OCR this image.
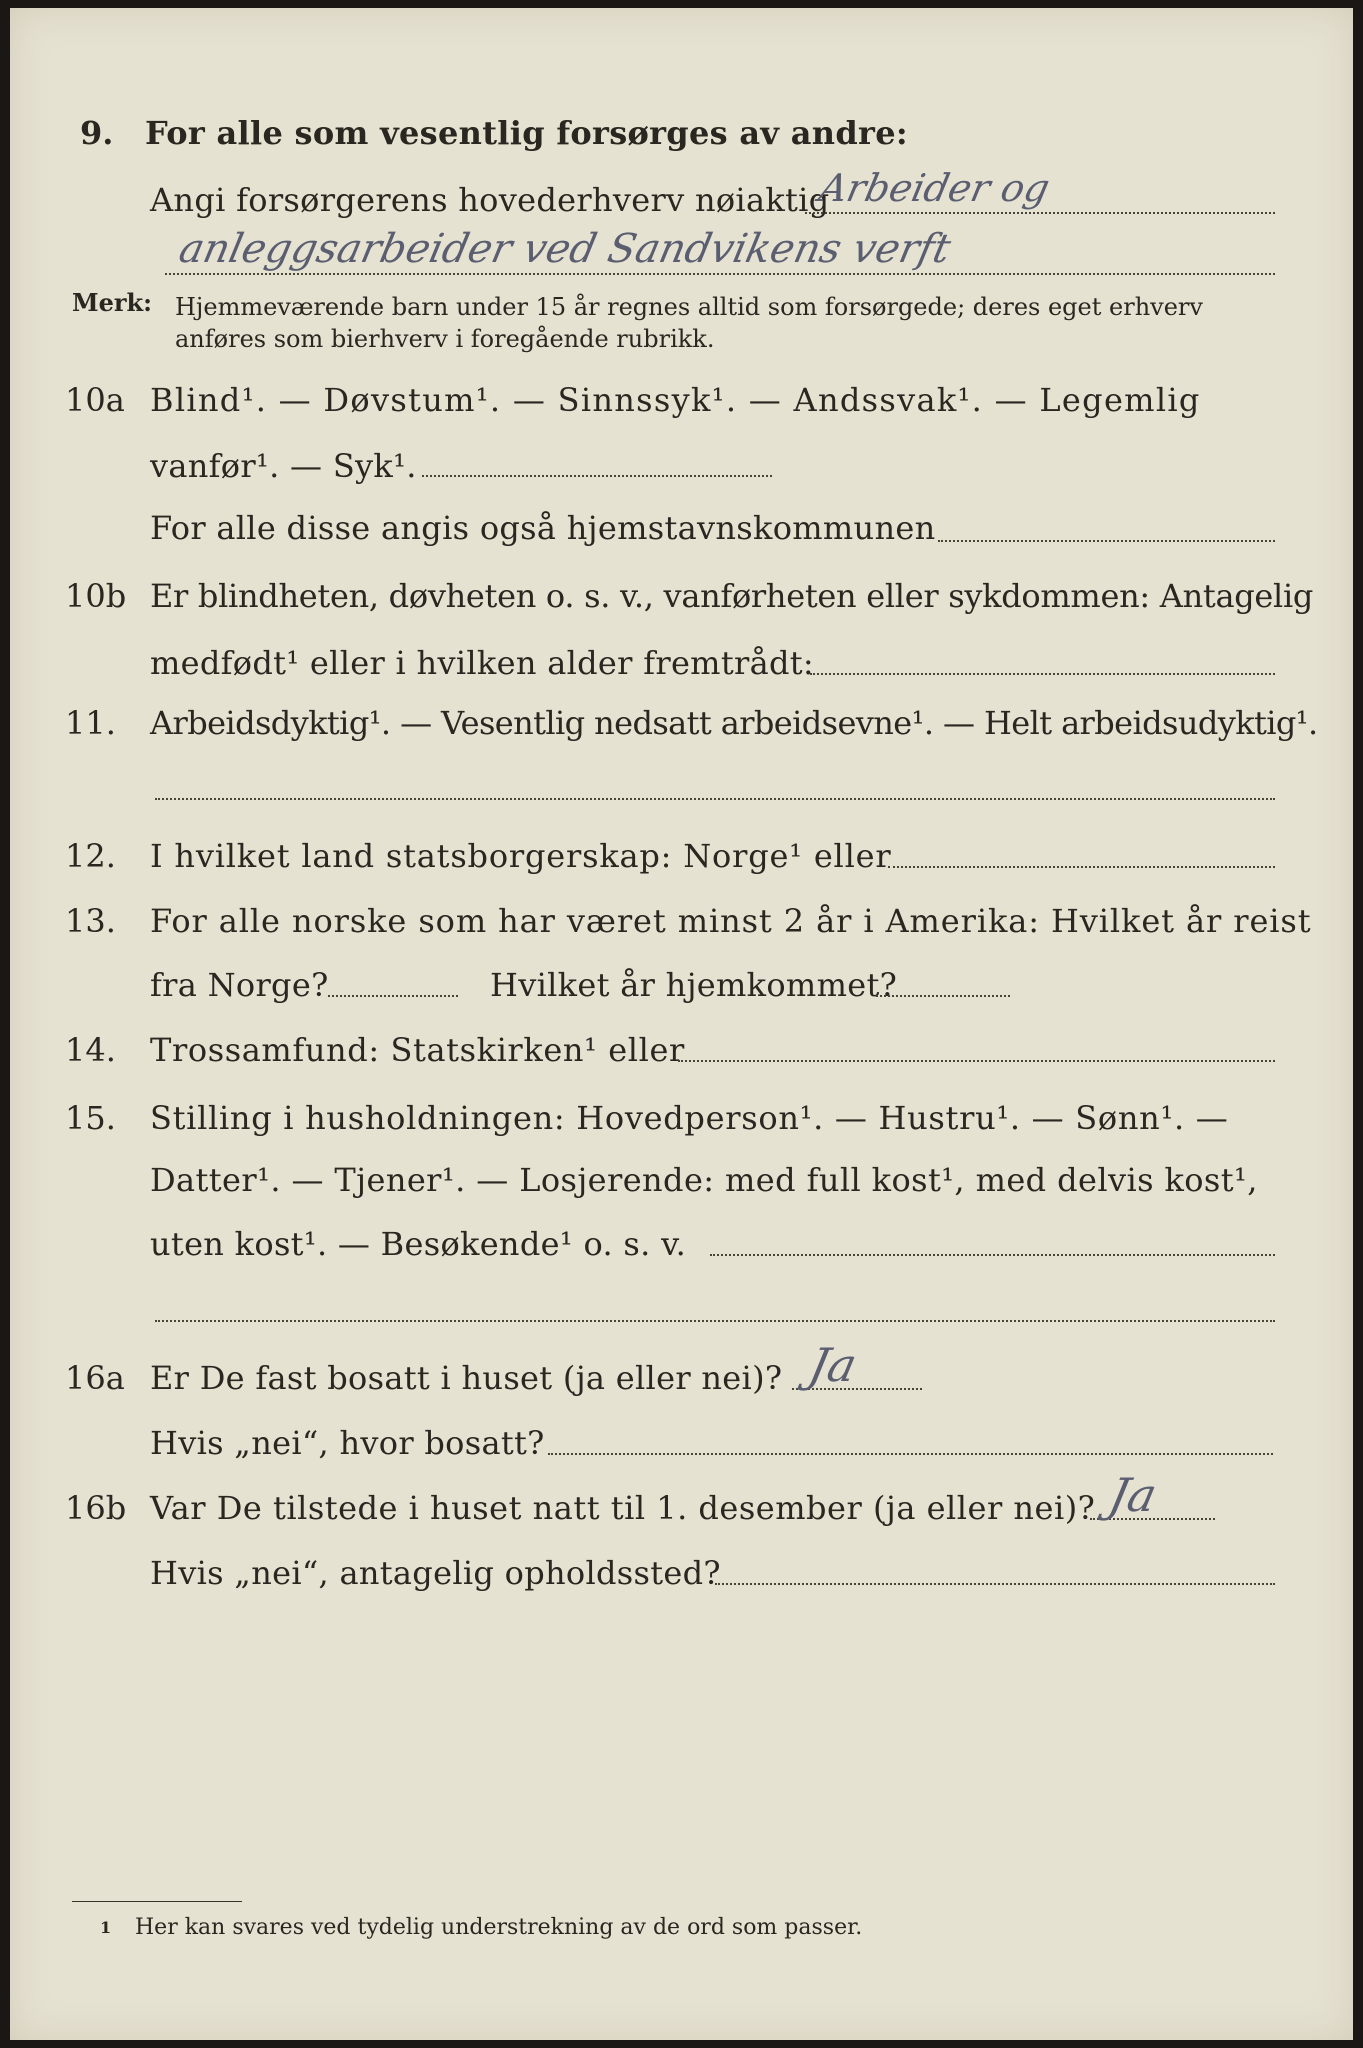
9. For alle som vesentlig forsørges av andre:
Angi forsørgerens hovederhverv nøiaktig
Arbeider og
anleggsarbeider ved Sandvikens verft
Merk: Hjemmeværende barn under 15 år regnes alltid som forsørgede; deres eget erhverv
anføres som bierhverv i foregående rubrikk.
10a Blind¹. — Døvstum¹. — Sinnssyk¹. — Andssvak¹. — Legemlig
vanfør¹. — Syk¹.
For alle disse angis også hjemstavnskommunen
10b Er blindheten, døvheten o. s. v., vanførheten eller sykdommen: Antagelig
medfødt¹ eller i hvilken alder fremtrådt:
11. Arbeidsdyktig¹. — Vesentlig nedsatt arbeidsevne¹. — Helt arbeidsudyktig¹.
12. I hvilket land statsborgerskap: Norge¹ eller
13. For alle norske som har været minst 2 år i Amerika: Hvilket år reist
fra Norge?	Hvilket år hjemkommet?
14. Trossamfund: Statskirken¹ eller
15. Stilling i husholdningen: Hovedperson¹. — Hustru¹. — Sønn¹. —
Datter¹. — Tjener¹. — Losjerende: med full kost¹, med delvis kost¹,
uten kost¹. — Besøkende¹ o. s. v.
16a Er De fast bosatt i huset (ja eller nei)? Ja
Hvis „nei“, hvor bosatt?
16b Var De tilstede i huset natt til 1. desember (ja eller nei)? Ja
Hvis „nei“, antagelig opholdssted?
1 Her kan svares ved tydelig understrekning av de ord som passer.
